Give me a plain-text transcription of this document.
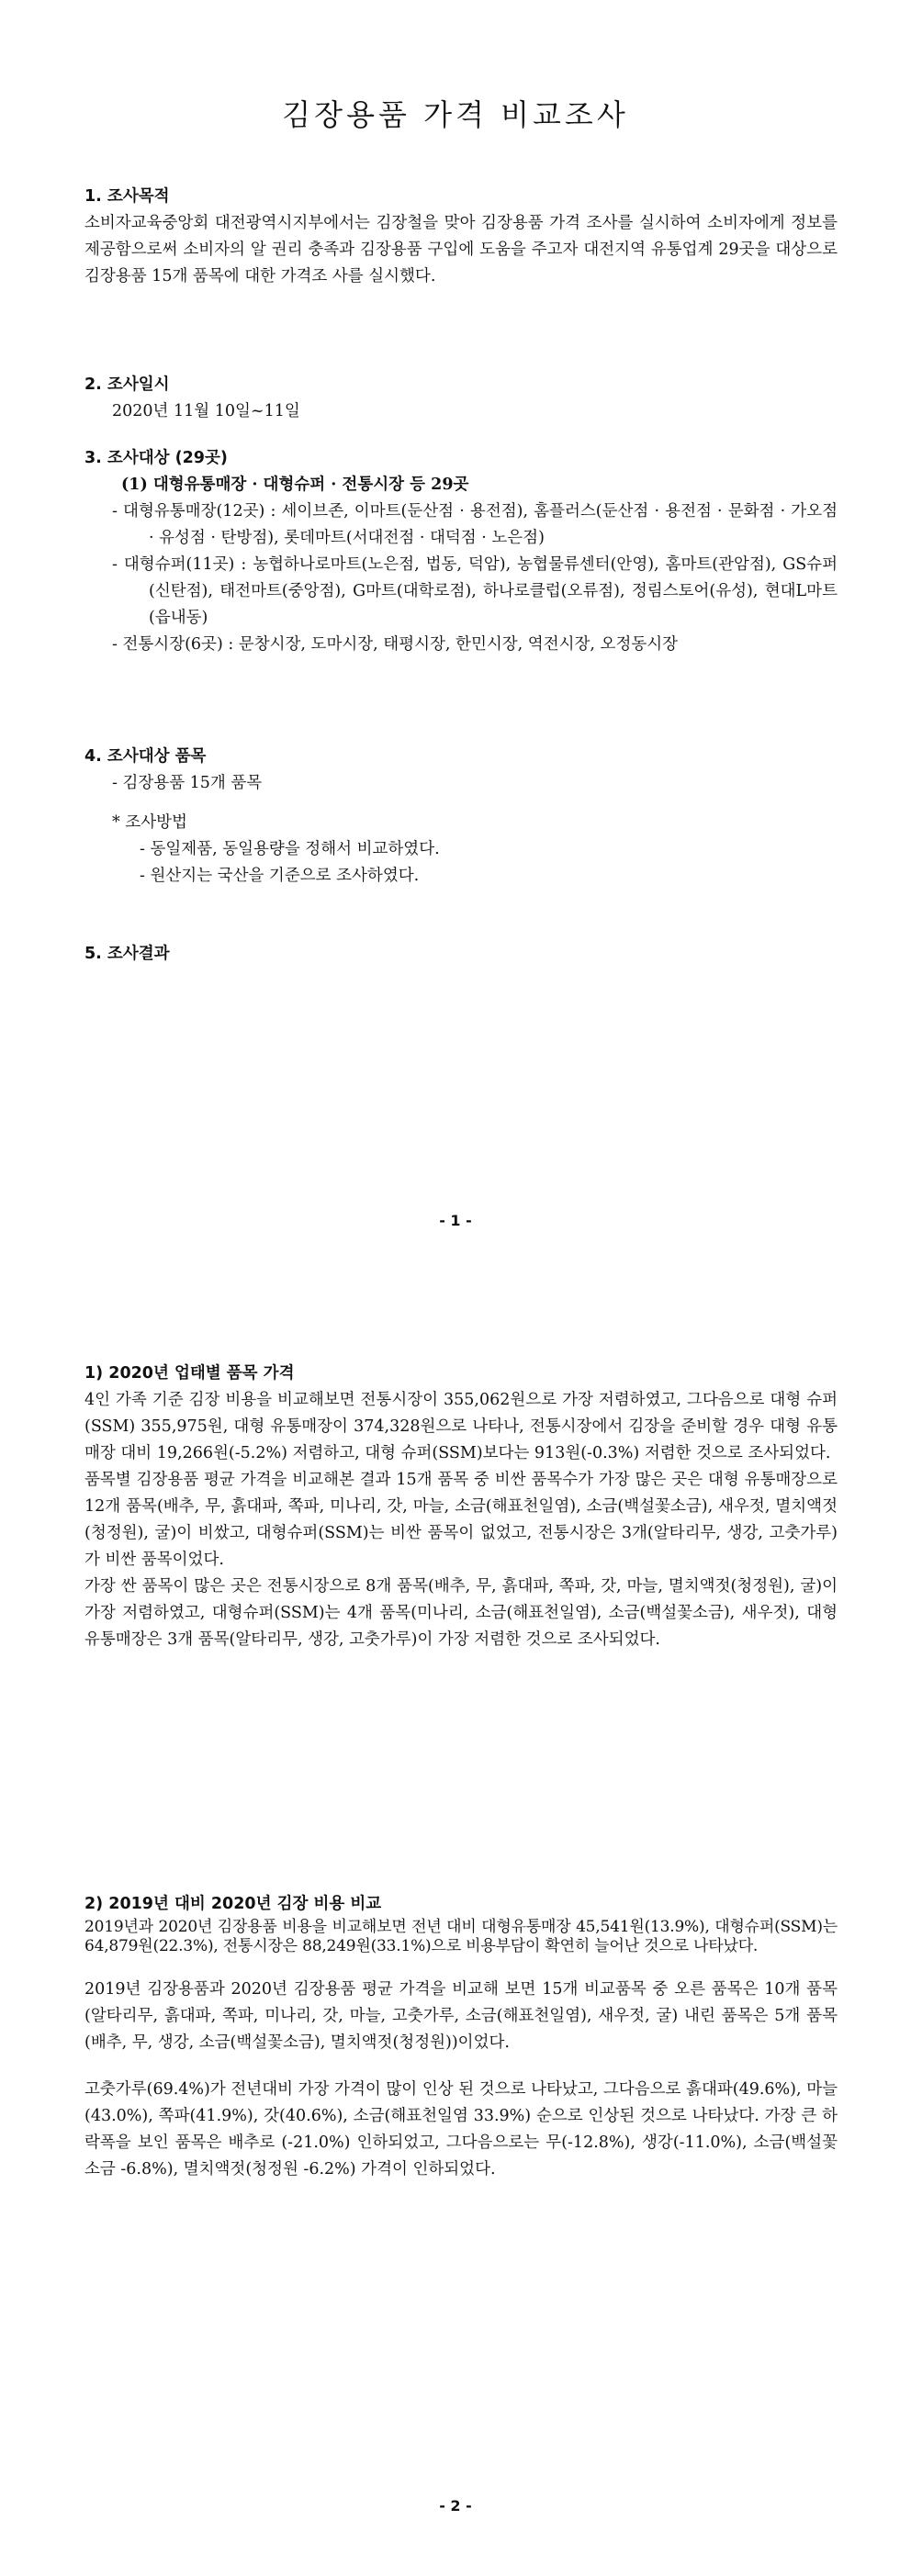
김장용품 가격 비교조사
1. 조사목적

소비자교육중앙회 대전광역시지부에서는 김장철을 맞아 김장용품 가격 조사를 실시하여 소비자에게 정보를 제공함으로써 소비자의 알 권리 충족과 김장용품 구입에 도움을 주고자 대전지역 유통업계 29곳을 대상으로 김장용품 15개 품목에 대한 가격조 사를 실시했다.

2. 조사일시
2020년 11월 10일~11일
3. 조사대상 (29곳)
(1) 대형유통매장 · 대형슈퍼 · 전통시장 등 29곳

- 대형유통매장(12곳) : 세이브존, 이마트(둔산점 · 용전점), 홈플러스(둔산점 · 용전점 · 문화점 · 가오점 · 유성점 · 탄방점), 롯데마트(서대전점 · 대덕점 · 노은점)

- 대형슈퍼(11곳) : 농협하나로마트(노은점, 법동, 덕암), 농협물류센터(안영), 홈마트(관암점), GS슈퍼(신탄점), 태전마트(중앙점), G마트(대학로점), 하나로클럽(오류점), 정림스토어(유성), 현대L마트(읍내동)

- 전통시장(6곳) : 문창시장, 도마시장, 태평시장, 한민시장, 역전시장, 오정동시장

4. 조사대상 품목
- 김장용품 15개 품목
* 조사방법
- 동일제품, 동일용량을 정해서 비교하였다.
- 원산지는 국산을 기준으로 조사하였다.
5. 조사결과
- 1 -
1) 2020년 업태별 품목 가격

4인 가족 기준 김장 비용을 비교해보면 전통시장이 355,062원으로 가장 저렴하였고, 그다음으로 대형 슈퍼(SSM) 355,975원, 대형 유통매장이 374,328원으로 나타나, 전통시장에서 김장을 준비할 경우 대형 유통매장 대비 19,266원(-5.2%) 저렴하고, 대형 슈퍼(SSM)보다는 913원(-0.3%) 저렴한 것으로 조사되었다.

품목별 김장용품 평균 가격을 비교해본 결과 15개 품목 중 비싼 품목수가 가장 많은 곳은 대형 유통매장으로 12개 품목(배추, 무, 흙대파, 쪽파, 미나리, 갓, 마늘, 소금(해표천일염), 소금(백설꽃소금), 새우젓, 멸치액젓(청정원), 굴)이 비쌌고, 대형슈퍼(SSM)는 비싼 품목이 없었고, 전통시장은 3개(알타리무, 생강, 고춧가루)가 비싼 품목이었다.

가장 싼 품목이 많은 곳은 전통시장으로 8개 품목(배추, 무, 흙대파, 쪽파, 갓, 마늘, 멸치액젓(청정원), 굴)이 가장 저렴하였고, 대형슈퍼(SSM)는 4개 품목(미나리, 소금(해표천일염), 소금(백설꽃소금), 새우젓), 대형유통매장은 3개 품목(알타리무, 생강, 고춧가루)이 가장 저렴한 것으로 조사되었다.

2) 2019년 대비 2020년 김장 비용 비교

2019년과 2020년 김장용품 비용을 비교해보면 전년 대비 대형유통매장 45,541원(13.9%), 대형슈퍼(SSM)는 64,879원(22.3%), 전통시장은 88,249원(33.1%)으로 비용부담이 확연히 늘어난 것으로 나타났다.

2019년 김장용품과 2020년 김장용품 평균 가격을 비교해 보면 15개 비교품목 중 오른 품목은 10개 품목(알타리무, 흙대파, 쪽파, 미나리, 갓, 마늘, 고춧가루, 소금(해표천일염), 새우젓, 굴) 내린 품목은 5개 품목(배추, 무, 생강, 소금(백설꽃소금), 멸치액젓(청정원))이었다.

고춧가루(69.4%)가 전년대비 가장 가격이 많이 인상 된 것으로 나타났고, 그다음으로 흙대파(49.6%), 마늘(43.0%), 쪽파(41.9%), 갓(40.6%), 소금(해표천일염 33.9%) 순으로 인상된 것으로 나타났다. 가장 큰 하락폭을 보인 품목은 배추로 (-21.0%) 인하되었고, 그다음으로는 무(-12.8%), 생강(-11.0%), 소금(백설꽃소금 -6.8%), 멸치액젓(청정원 -6.2%) 가격이 인하되었다.

- 2 -
